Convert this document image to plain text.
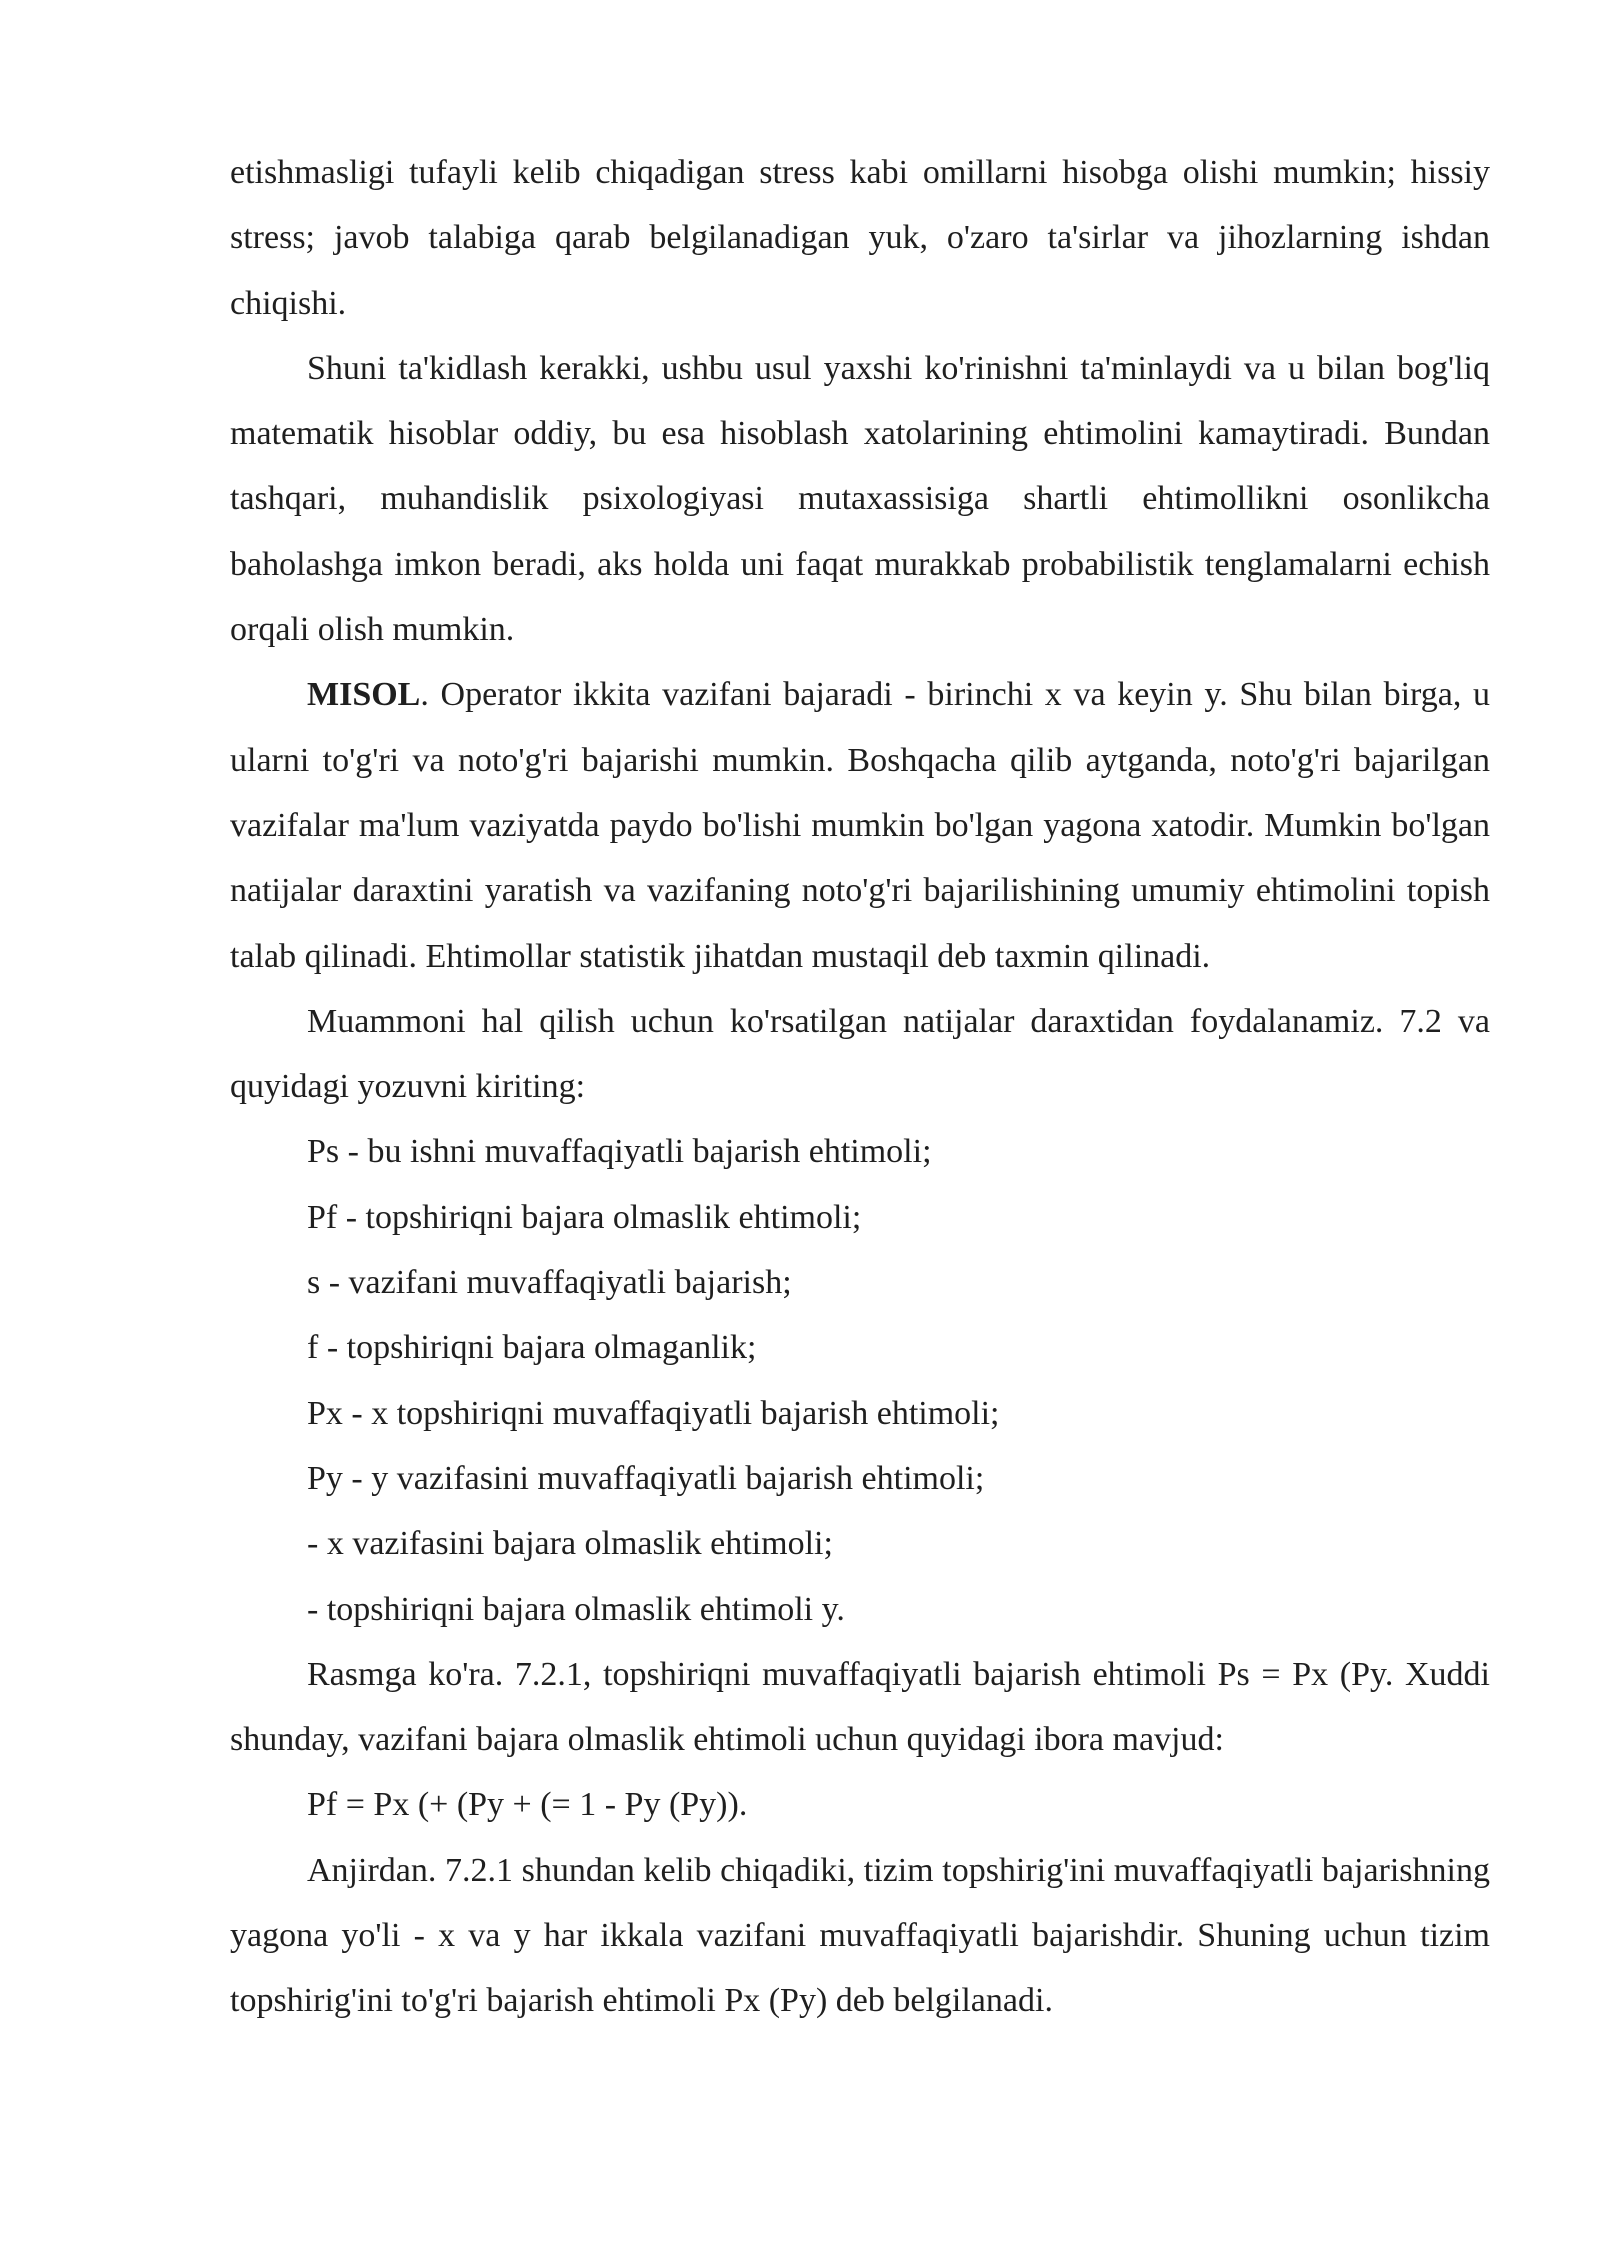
etishmasligi tufayli kelib chiqadigan stress kabi omillarni hisobga olishi mumkin; hissiy stress; javob talabiga qarab belgilanadigan yuk, o'zaro ta'sirlar va jihozlarning ishdan chiqishi.

Shuni ta'kidlash kerakki, ushbu usul yaxshi ko'rinishni ta'minlaydi va u bilan bog'liq matematik hisoblar oddiy, bu esa hisoblash xatolarining ehtimolini kamaytiradi. Bundan tashqari, muhandislik psixologiyasi mutaxassisiga shartli ehtimollikni osonlikcha baholashga imkon beradi, aks holda uni faqat murakkab probabilistik tenglamalarni echish orqali olish mumkin.

MISOL. Operator ikkita vazifani bajaradi - birinchi x va keyin y. Shu bilan birga, u ularni to'g'ri va noto'g'ri bajarishi mumkin. Boshqacha qilib aytganda, noto'g'ri bajarilgan vazifalar ma'lum vaziyatda paydo bo'lishi mumkin bo'lgan yagona xatodir. Mumkin bo'lgan natijalar daraxtini yaratish va vazifaning noto'g'ri bajarilishining umumiy ehtimolini topish talab qilinadi. Ehtimollar statistik jihatdan mustaqil deb taxmin qilinadi.

Muammoni hal qilish uchun ko'rsatilgan natijalar daraxtidan foydalanamiz. 7.2 va quyidagi yozuvni kiriting:

Ps - bu ishni muvaffaqiyatli bajarish ehtimoli;

Pf - topshiriqni bajara olmaslik ehtimoli;

s - vazifani muvaffaqiyatli bajarish;

f - topshiriqni bajara olmaganlik;

Px - x topshiriqni muvaffaqiyatli bajarish ehtimoli;

Py - y vazifasini muvaffaqiyatli bajarish ehtimoli;

- x vazifasini bajara olmaslik ehtimoli;

- topshiriqni bajara olmaslik ehtimoli y.

Rasmga ko'ra. 7.2.1, topshiriqni muvaffaqiyatli bajarish ehtimoli Ps = Px (Py. Xuddi shunday, vazifani bajara olmaslik ehtimoli uchun quyidagi ibora mavjud:

Pf = Px (+ (Py + (= 1 - Py (Py)).

Anjirdan. 7.2.1 shundan kelib chiqadiki, tizim topshirig'ini muvaffaqiyatli bajarishning yagona yo'li - x va y har ikkala vazifani muvaffaqiyatli bajarishdir. Shuning uchun tizim topshirig'ini to'g'ri bajarish ehtimoli Px (Py) deb belgilanadi.
